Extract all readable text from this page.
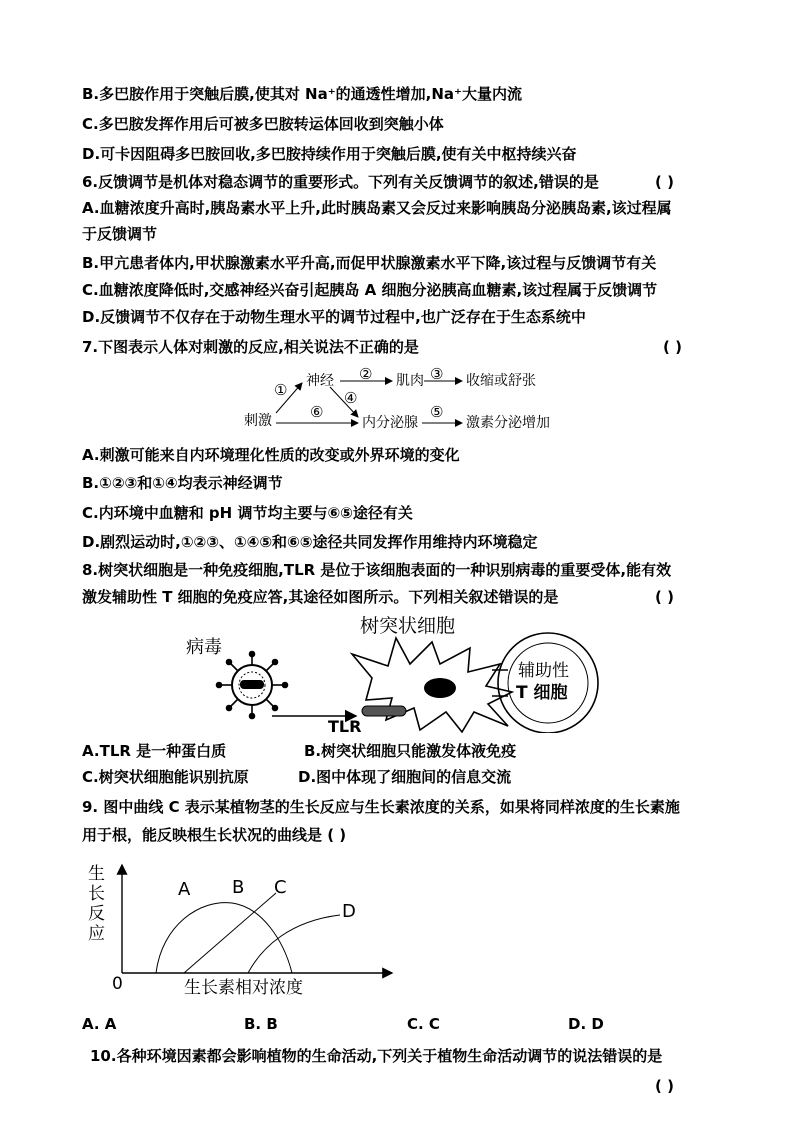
B.多巴胺作用于突触后膜,使其对 Na⁺的通透性增加,Na⁺大量内流
C.多巴胺发挥作用后可被多巴胺转运体回收到突触小体
D.可卡因阻碍多巴胺回收,多巴胺持续作用于突触后膜,使有关中枢持续兴奋
6.反馈调节是机体对稳态调节的重要形式。下列有关反馈调节的叙述,错误的是	( )
A.血糖浓度升高时,胰岛素水平上升,此时胰岛素又会反过来影响胰岛分泌胰岛素,该过程属
于反馈调节
B.甲亢患者体内,甲状腺激素水平升高,而促甲状腺激素水平下降,该过程与反馈调节有关
C.血糖浓度降低时,交感神经兴奋引起胰岛 A 细胞分泌胰高血糖素,该过程属于反馈调节
D.反馈调节不仅存在于动物生理水平的调节过程中,也广泛存在于生态系统中
7.下图表示人体对刺激的反应,相关说法不正确的是	( )
刺激
神经	肌肉	收缩或舒张
内分泌腺	激素分泌增加
①
②	③
④
⑤
⑥
A.刺激可能来自内环境理化性质的改变或外界环境的变化
B.①②③和①④均表示神经调节
C.内环境中血糖和 pH 调节均主要与⑥⑤途径有关
D.剧烈运动时,①②③、①④⑤和⑥⑤途径共同发挥作用维持内环境稳定
8.树突状细胞是一种免疫细胞,TLR 是位于该细胞表面的一种识别病毒的重要受体,能有效
激发辅助性 T 细胞的免疫应答,其途径如图所示。下列相关叙述错误的是	( )
病毒
树突状细胞
TLR
辅助性
T 细胞
A.TLR 是一种蛋白质	B.树突状细胞只能激发体液免疫
C.树突状细胞能识别抗原	D.图中体现了细胞间的信息交流
9. 图中曲线 C 表示某植物茎的生长反应与生长素浓度的关系，如果将同样浓度的生长素施
用于根，能反映根生长状况的曲线是 ( )
生
长
反
应
0	生长素相对浓度
A B C
D
A. A	B. B	C. C	D. D
10.各种环境因素都会影响植物的生命活动,下列关于植物生命活动调节的说法错误的是
( )
